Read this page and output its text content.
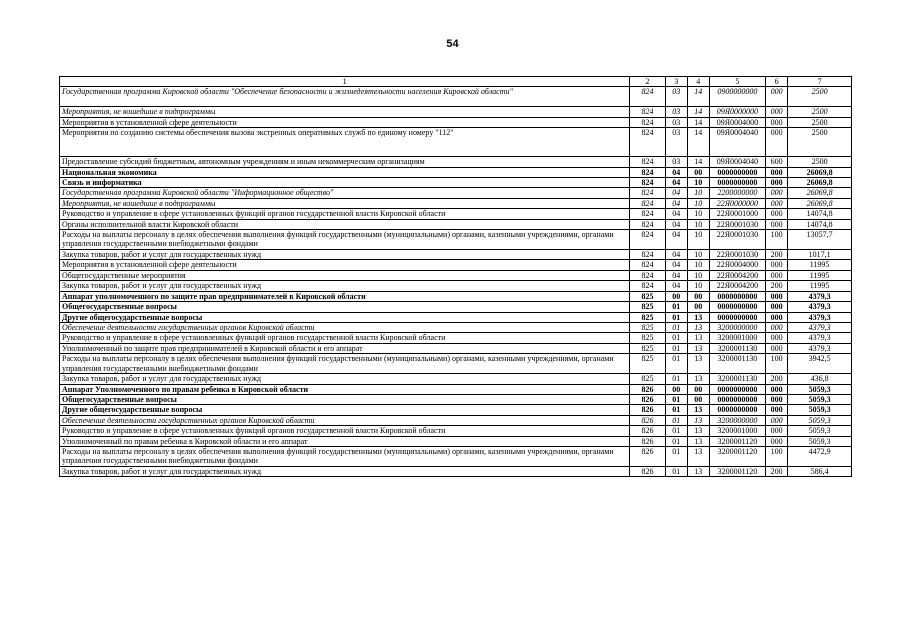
54
1	2	3	4	5	6	7
Государственная программа Кировской области "Обеспечение безопасности и жизнедеятельности населения Кировской области"	824	03	14	0900000000	000	2500
Мероприятия, не вошедшие в подпрограммы	824	03	14	09Я0000000	000	2500
Мероприятия в установленной сфере деятельности	824	03	14	09Я0004000	000	2500
Мероприятия по созданию системы обеспечения вызова экстренных оперативных служб по единому номеру "112"	824	03	14	09Я0004040	000	2500
Предоставление субсидий бюджетным, автономным учреждениям и иным некоммерческим организациям	824	03	14	09Я0004040	600	2500
Национальная экономика	824	04	00	0000000000	000	26069,8
Связь и информатика	824	04	10	0000000000	000	26069,8
Государственная программа Кировской области "Информационное общество"	824	04	10	2200000000	000	26069,8
Мероприятия, не вошедшие в подпрограммы	824	04	10	22Я0000000	000	26069,8
Руководство и управление в сфере установленных функций органов государственной власти Кировской области	824	04	10	22Я0001000	000	14074,8
Органы исполнительной власти Кировской области	824	04	10	22Я0001030	000	14074,8
Расходы на выплаты персоналу в целях обеспечения выполнения функций государственными (муниципальными) органами, казенными учреждениями, органами управления государственными внебюджетными фондами	824	04	10	22Я0001030	100	13057,7
Закупка товаров, работ и услуг для государственных нужд	824	04	10	22Я0001030	200	1017,1
Мероприятия в установленной сфере деятельности	824	04	10	22Я0004000	000	11995
Общегосударственные мероприятия	824	04	10	22Я0004200	000	11995
Закупка товаров, работ и услуг для государственных нужд	824	04	10	22Я0004200	200	11995
Аппарат уполномоченного по защите прав предпринимателей в Кировской области	825	00	00	0000000000	000	4379,3
Общегосударственные вопросы	825	01	00	0000000000	000	4379,3
Другие общегосударственные вопросы	825	01	13	0000000000	000	4379,3
Обеспечение деятельности государственных органов Кировской области	825	01	13	3200000000	000	4379,3
Руководство и управление в сфере установленных функций органов государственной власти Кировской области	825	01	13	3200001000	000	4379,3
Уполномоченный по защите прав предпринимателей в Кировской области и его аппарат	825	01	13	3200001130	000	4379,3
Расходы на выплаты персоналу в целях обеспечения выполнения функций государственными (муниципальными) органами, казенными учреждениями, органами управления государственными внебюджетными фондами	825	01	13	3200001130	100	3942,5
Закупка товаров, работ и услуг для государственных нужд	825	01	13	3200001130	200	436,8
Аппарат Уполномоченного по правам ребенка в Кировской области	826	00	00	0000000000	000	5059,3
Общегосударственные вопросы	826	01	00	0000000000	000	5059,3
Другие общегосударственные вопросы	826	01	13	0000000000	000	5059,3
Обеспечение деятельности государственных органов Кировской области	826	01	13	3200000000	000	5059,3
Руководство и управление в сфере установленных функций органов государственной власти Кировской области	826	01	13	3200001000	000	5059,3
Уполномоченный по правам ребенка в Кировской области и его аппарат	826	01	13	3200001120	000	5059,3
Расходы на выплаты персоналу в целях обеспечения выполнения функций государственными (муниципальными) органами, казенными учреждениями, органами управления государственными внебюджетными фондами	826	01	13	3200001120	100	4472,9
Закупка товаров, работ и услуг для государственных нужд	826	01	13	3200001120	200	586,4
